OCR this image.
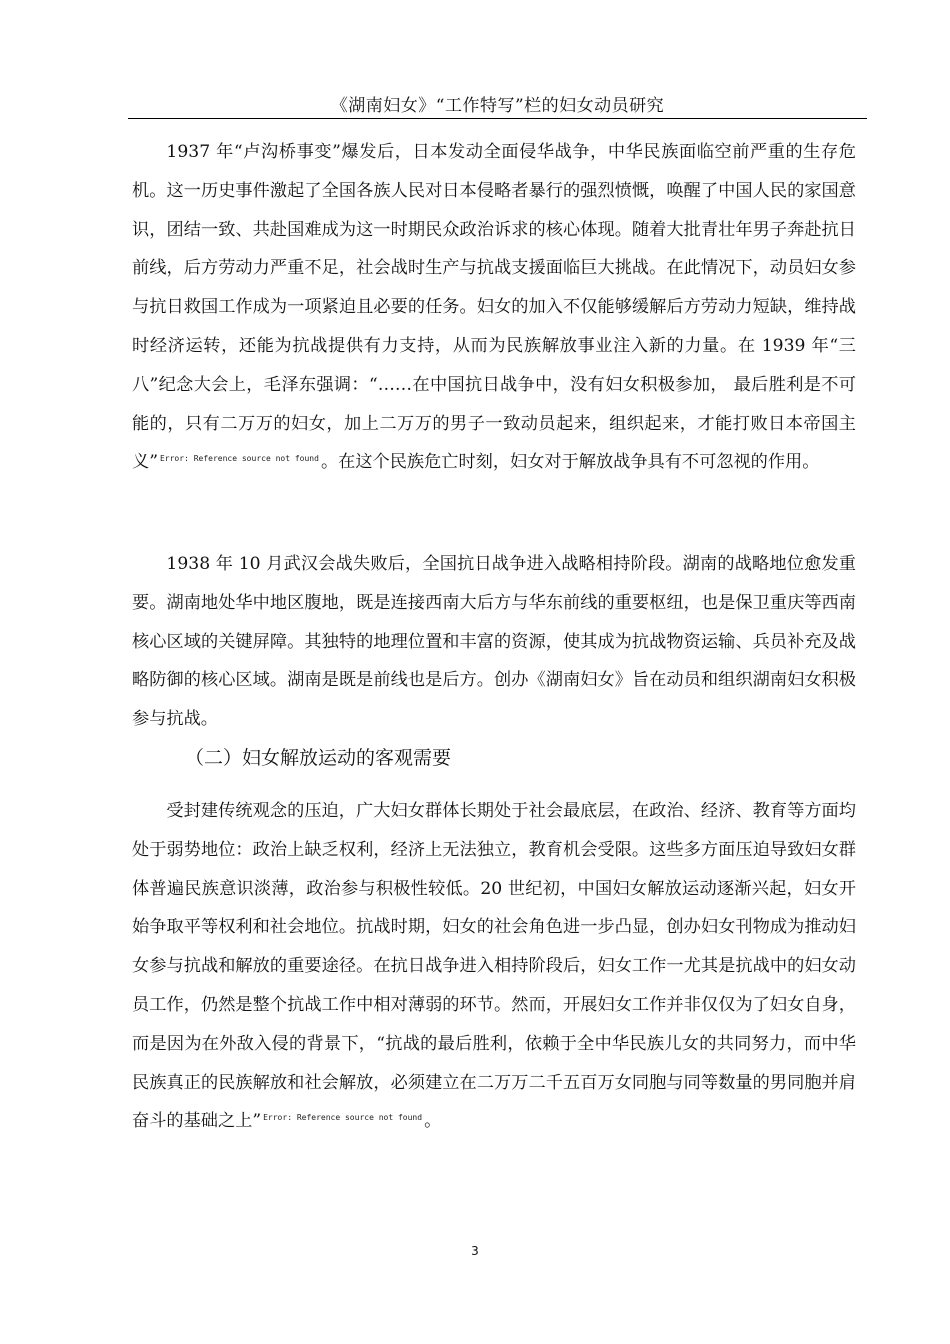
《湖南妇女》“工作特写”栏的妇女动员研究

1937 年“卢沟桥事变”爆发后，日本发动全面侵华战争，中华民族面临空前严重的生存危机。这一历史事件激起了全国各族人民对日本侵略者暴行的强烈愤慨，唤醒了中国人民的家国意识，团结一致、共赴国难成为这一时期民众政治诉求的核心体现。随着大批青壮年男子奔赴抗日前线，后方劳动力严重不足，社会战时生产与抗战支援面临巨大挑战。在此情况下，动员妇女参与抗日救国工作成为一项紧迫且必要的任务。妇女的加入不仅能够缓解后方劳动力短缺，维持战时经济运转，还能为抗战提供有力支持，从而为民族解放事业注入新的力量。在 1939 年“三八”纪念大会上，毛泽东强调：“……在中国抗日战争中，没有妇女积极参加， 最后胜利是不可能的，只有二万万的妇女，加上二万万的男子一致动员起来，组织起来，才能打败日本帝国主义” $^{Error: Reference source not found}$ 。在这个民族危亡时刻，妇女对于解放战争具有不可忽视的作用。

1938 年 10 月武汉会战失败后，全国抗日战争进入战略相持阶段。湖南的战略地位愈发重要。湖南地处华中地区腹地，既是连接西南大后方与华东前线的重要枢纽，也是保卫重庆等西南核心区域的关键屏障。其独特的地理位置和丰富的资源，使其成为抗战物资运输、兵员补充及战略防御的核心区域。湖南是既是前线也是后方。创办《湖南妇女》旨在动员和组织湖南妇女积极参与抗战。

（二）妇女解放运动的客观需要

受封建传统观念的压迫，广大妇女群体长期处于社会最底层，在政治、经济、教育等方面均处于弱势地位：政治上缺乏权利，经济上无法独立，教育机会受限。这些多方面压迫导致妇女群体普遍民族意识淡薄，政治参与积极性较低。20 世纪初，中国妇女解放运动逐渐兴起，妇女开始争取平等权利和社会地位。抗战时期，妇女的社会角色进一步凸显，创办妇女刊物成为推动妇女参与抗战和解放的重要途径。在抗日战争进入相持阶段后，妇女工作一尤其是抗战中的妇女动员工作，仍然是整个抗战工作中相对薄弱的环节。然而，开展妇女工作并非仅仅为了妇女自身，而是因为在外敌入侵的背景下，“抗战的最后胜利，依赖于全中华民族儿女的共同努力，而中华民族真正的民族解放和社会解放，必须建立在二万万二千五百万女同胞与同等数量的男同胞并肩奋斗的基础之上” $^{Error: Reference source not found}$ 。

3
